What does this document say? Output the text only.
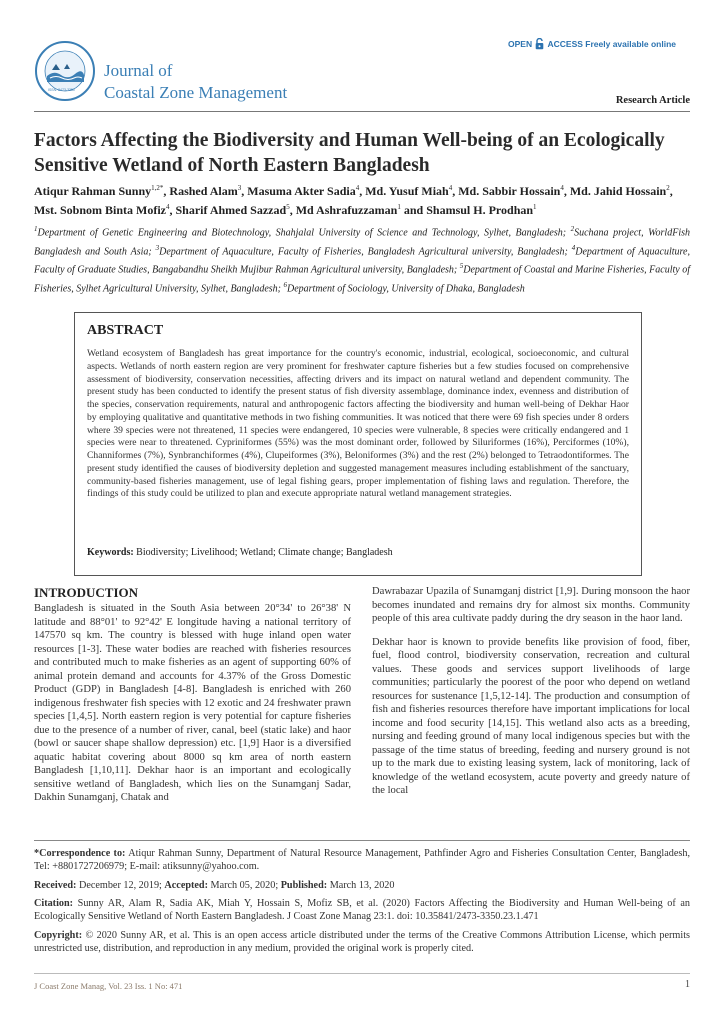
ISSN: 2473-3350
Journal of
Coastal Zone Management
OPEN ACCESS Freely available online
Research Article
Factors Affecting the Biodiversity and Human Well-being of an Ecologically Sensitive Wetland of North Eastern Bangladesh
Atiqur Rahman Sunny$^{1,2*}$, Rashed Alam$^3$, Masuma Akter Sadia$^4$, Md. Yusuf Miah$^4$, Md. Sabbir Hossain$^4$, Md. Jahid Hossain$^2$, Mst. Sobnom Binta Mofiz$^4$, Sharif Ahmed Sazzad$^5$, Md Ashrafuzzaman$^1$ and Shamsul H. Prodhan$^1$
$^1$Department of Genetic Engineering and Biotechnology, Shahjalal University of Science and Technology, Sylhet, Bangladesh; $^2$Suchana project, WorldFish Bangladesh and South Asia; $^3$Department of Aquaculture, Faculty of Fisheries, Bangladesh Agricultural university, Bangladesh; $^4$Department of Aquaculture, Faculty of Graduate Studies, Bangabandhu Sheikh Mujibur Rahman Agricultural university, Bangladesh; $^5$Department of Coastal and Marine Fisheries, Faculty of Fisheries, Sylhet Agricultural University, Sylhet, Bangladesh; $^6$Department of Sociology, University of Dhaka, Bangladesh
ABSTRACT
Wetland ecosystem of Bangladesh has great importance for the country's economic, industrial, ecological, socioeconomic, and cultural aspects. Wetlands of north eastern region are very prominent for freshwater capture fisheries but a few studies focused on comprehensive assessment of biodiversity, conservation necessities, affecting drivers and its impact on natural wetland and dependent community. The present study has been conducted to identify the present status of fish diversity assemblage, dominance index, evenness and distribution of the species, conservation requirements, natural and anthropogenic factors affecting the biodiversity and human well-being of Dekhar Haor by employing qualitative and quantitative methods in two fishing communities. It was noticed that there were 69 fish species under 8 orders where 39 species were not threatened, 11 species were endangered, 10 species were vulnerable, 8 species were critically endangered and 1 species were near to threatened. Cypriniformes (55%) was the most dominant order, followed by Siluriformes (16%), Perciformes (10%), Channiformes (7%), Synbranchiformes (4%), Clupeiformes (3%), Beloniformes (3%) and the rest (2%) belonged to Tetraodontiformes. The present study identified the causes of biodiversity depletion and suggested management measures including establishment of the sanctuary, community-based fisheries management, use of legal fishing gears, proper implementation of fishing laws and regulation. Therefore, the findings of this study could be utilized to plan and execute appropriate natural wetland management strategies.
Keywords: Biodiversity; Livelihood; Wetland; Climate change; Bangladesh
INTRODUCTION
Bangladesh is situated in the South Asia between 20°34' to 26°38' N latitude and 88°01' to 92°42' E longitude having a national territory of 147570 sq km. The country is blessed with huge inland open water resources [1-3]. These water bodies are reached with fisheries resources and contributed much to make fisheries as an agent of supporting 60% of animal protein demand and accounts for 4.37% of the Gross Domestic Product (GDP) in Bangladesh [4-8]. Bangladesh is enriched with 260 indigenous freshwater fish species with 12 exotic and 24 freshwater prawn species [1,4,5]. North eastern region is very potential for capture fisheries due to the presence of a number of river, canal, beel (static lake) and haor (bowl or saucer shape shallow depression) etc. [1,9] Haor is a diversified aquatic habitat covering about 8000 sq km area of north eastern Bangladesh [1,10,11]. Dekhar haor is an important and ecologically sensitive wetland of Bangladesh, which lies on the Sunamganj Sadar, Dakhin Sunamganj, Chatak and

Dawrabazar Upazila of Sunamganj district [1,9]. During monsoon the haor becomes inundated and remains dry for almost six months. Community people of this area cultivate paddy during the dry season in the haor land.

Dekhar haor is known to provide benefits like provision of food, fiber, fuel, flood control, biodiversity conservation, recreation and cultural values. These goods and services support livelihoods of large communities; particularly the poorest of the poor who depend on wetland resources for sustenance [1,5,12-14]. The production and consumption of fish and fisheries resources therefore have important implications for local income and food security [14,15]. This wetland also acts as a breeding, nursing and feeding ground of many local indigenous species but with the passage of the time status of breeding, feeding and nursery ground is not up to the mark due to existing leasing system, lack of monitoring, lack of knowledge of the wetland ecosystem, acute poverty and greedy nature of the local

*Correspondence to: Atiqur Rahman Sunny, Department of Natural Resource Management, Pathfinder Agro and Fisheries Consultation Center, Bangladesh, Tel: +8801727206979; E-mail: atiksunny@yahoo.com.
Received: December 12, 2019; Accepted: March 05, 2020; Published: March 13, 2020
Citation: Sunny AR, Alam R, Sadia AK, Miah Y, Hossain S, Mofiz SB, et al. (2020) Factors Affecting the Biodiversity and Human Well-being of an Ecologically Sensitive Wetland of North Eastern Bangladesh. J Coast Zone Manag 23:1. doi: 10.35841/2473-3350.23.1.471
Copyright: © 2020 Sunny AR, et al. This is an open access article distributed under the terms of the Creative Commons Attribution License, which permits unrestricted use, distribution, and reproduction in any medium, provided the original work is properly cited.
J Coast Zone Manag, Vol. 23 Iss. 1 No: 471	1
